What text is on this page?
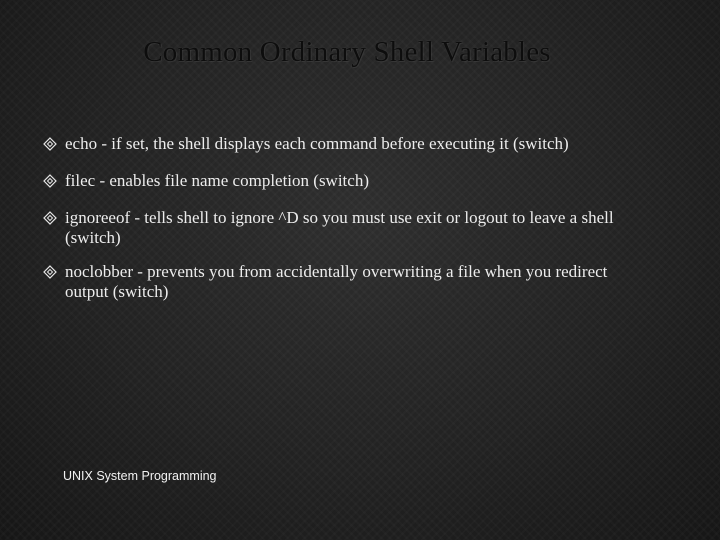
Common Ordinary Shell Variables
echo - if set, the shell displays each command before executing it (switch)
filec - enables file name completion (switch)
ignoreeof - tells shell to ignore ^D so you must use exit or logout to leave a shell (switch)
noclobber - prevents you from accidentally overwriting a file when you redirect output (switch)
UNIX System Programming
